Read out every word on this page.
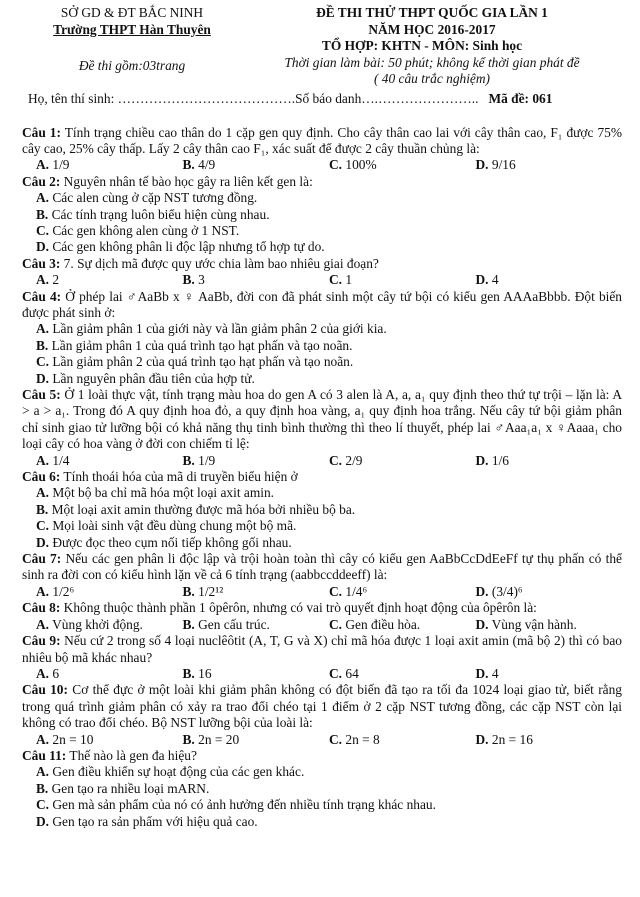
SỞ GD & ĐT BẮC NINH
Trường THPT Hàn Thuyên
Đề thi gồm:03trang
ĐỀ THI THỬ THPT QUỐC GIA LẦN 1
NĂM HỌC 2016-2017
TỔ HỢP: KHTN - MÔN: Sinh học
Thời gian làm bài: 50 phút; không kể thời gian phát đề
( 40 câu trắc nghiệm)
Họ, tên thí sinh: ………………………………….Số báo danh….………………….. Mã đề: 061
Câu 1: Tính trạng chiều cao thân do 1 cặp gen quy định. Cho cây thân cao lai với cây thân cao, F₁ được 75% cây cao, 25% cây thấp. Lấy 2 cây thân cao F₁, xác suất để được 2 cây thuần chủng là:
A. 1/9	B. 4/9	C. 100%	D. 9/16
Câu 2: Nguyên nhân tế bào học gây ra liên kết gen là:
A. Các alen cùng ở cặp NST tương đồng.
B. Các tính trạng luôn biểu hiện cùng nhau.
C. Các gen không alen cùng ở 1 NST.
D. Các gen không phân li độc lập nhưng tổ hợp tự do.
Câu 3: 7. Sự dịch mã được quy ước chia làm bao nhiêu giai đoạn?
A. 2	B. 3	C. 1	D. 4
Câu 4: Ở phép lai ♂AaBb x ♀ AaBb, đời con đã phát sinh một cây tứ bội có kiểu gen AAAaBbbb. Đột biến được phát sinh ở:
A. Lần giảm phân 1 của giới này và lần giảm phân 2 của giới kia.
B. Lần giảm phân 1 của quá trình tạo hạt phấn và tạo noãn.
C. Lần giảm phân 2 của quá trình tạo hạt phấn và tạo noãn.
D. Lần nguyên phân đầu tiên của hợp tử.
Câu 5: Ở 1 loài thực vật, tính trạng màu hoa do gen A có 3 alen là A, a, a₁ quy định theo thứ tự trội – lặn là: A > a > a₁. Trong đó A quy định hoa đỏ, a quy định hoa vàng, a₁ quy định hoa trắng. Nếu cây tứ bội giảm phân chỉ sinh giao tử lưỡng bội có khả năng thụ tinh bình thường thì theo lí thuyết, phép lai ♂Aaa₁a₁ x ♀Aaaa₁ cho loại cây có hoa vàng ở đời con chiếm tỉ lệ:
A. 1/4	B. 1/9	C. 2/9	D. 1/6
Câu 6: Tính thoái hóa của mã di truyền biểu hiện ở
A. Một bộ ba chỉ mã hóa một loại axit amin.
B. Một loại axit amin thường được mã hóa bởi nhiều bộ ba.
C. Mọi loài sinh vật đều dùng chung một bộ mã.
D. Được đọc theo cụm nối tiếp không gối nhau.
Câu 7: Nếu các gen phân li độc lập và trội hoàn toàn thì cây có kiểu gen AaBbCcDdEeFf tự thụ phấn có thể sinh ra đời con có kiểu hình lặn về cả 6 tính trạng (aabbccddeeff) là:
A. 1/2⁶	B. 1/2¹²	C. 1/4⁶	D. (3/4)⁶
Câu 8: Không thuộc thành phần 1 ôpêrôn, nhưng có vai trò quyết định hoạt động của ôpêrôn là:
A. Vùng khởi động.	B. Gen cấu trúc.	C. Gen điều hòa.	D. Vùng vận hành.
Câu 9: Nếu cứ 2 trong số 4 loại nuclêôtit (A, T, G và X) chỉ mã hóa được 1 loại axit amin (mã bộ 2) thì có bao nhiêu bộ mã khác nhau?
A. 6	B. 16	C. 64	D. 4
Câu 10: Cơ thể đực ở một loài khi giảm phân không có đột biến đã tạo ra tối đa 1024 loại giao tử, biết rằng trong quá trình giảm phân có xảy ra trao đổi chéo tại 1 điểm ở 2 cặp NST tương đồng, các cặp NST còn lại không có trao đổi chéo. Bộ NST lưỡng bội của loài là:
A. 2n = 10	B. 2n = 20	C. 2n = 8	D. 2n = 16
Câu 11: Thế nào là gen đa hiệu?
A. Gen điều khiển sự hoạt động của các gen khác.
B. Gen tạo ra nhiều loại mARN.
C. Gen mà sản phẩm của nó có ảnh hưởng đến nhiều tính trạng khác nhau.
D. Gen tạo ra sản phẩm với hiệu quả cao.
